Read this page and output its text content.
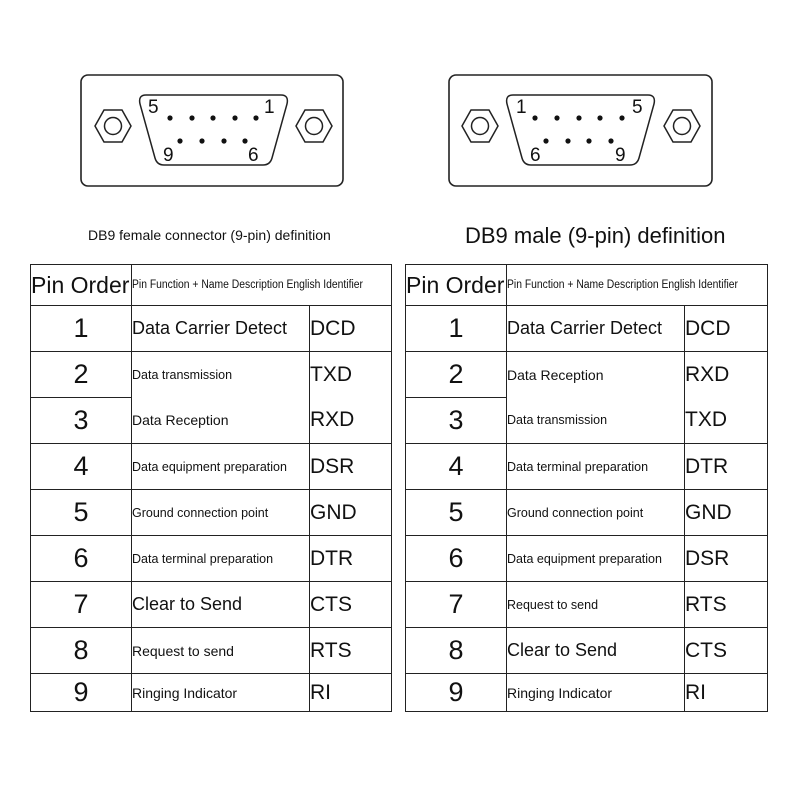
5	1
9	6
1	5
6	9
DB9 female connector (9-pin) definition	DB9 male (9-pin) definition
Pin Order	Pin Function + Name Description English Identifier	
1	Data Carrier Detect	DCD
2	Data transmission	TXD
3	Data Reception	RXD
4	Data equipment preparation	DSR
5	Ground connection point	GND
6	Data terminal preparation	DTR
7	Clear to Send	CTS
8	Request to send	RTS
9	Ringing Indicator	RI
Pin Order	Pin Function + Name Description English Identifier	
1	Data Carrier Detect	DCD
2	Data Reception	RXD
3	Data transmission	TXD
4	Data terminal preparation	DTR
5	Ground connection point	GND
6	Data equipment preparation	DSR
7	Request to send	RTS
8	Clear to Send	CTS
9	Ringing Indicator	RI
